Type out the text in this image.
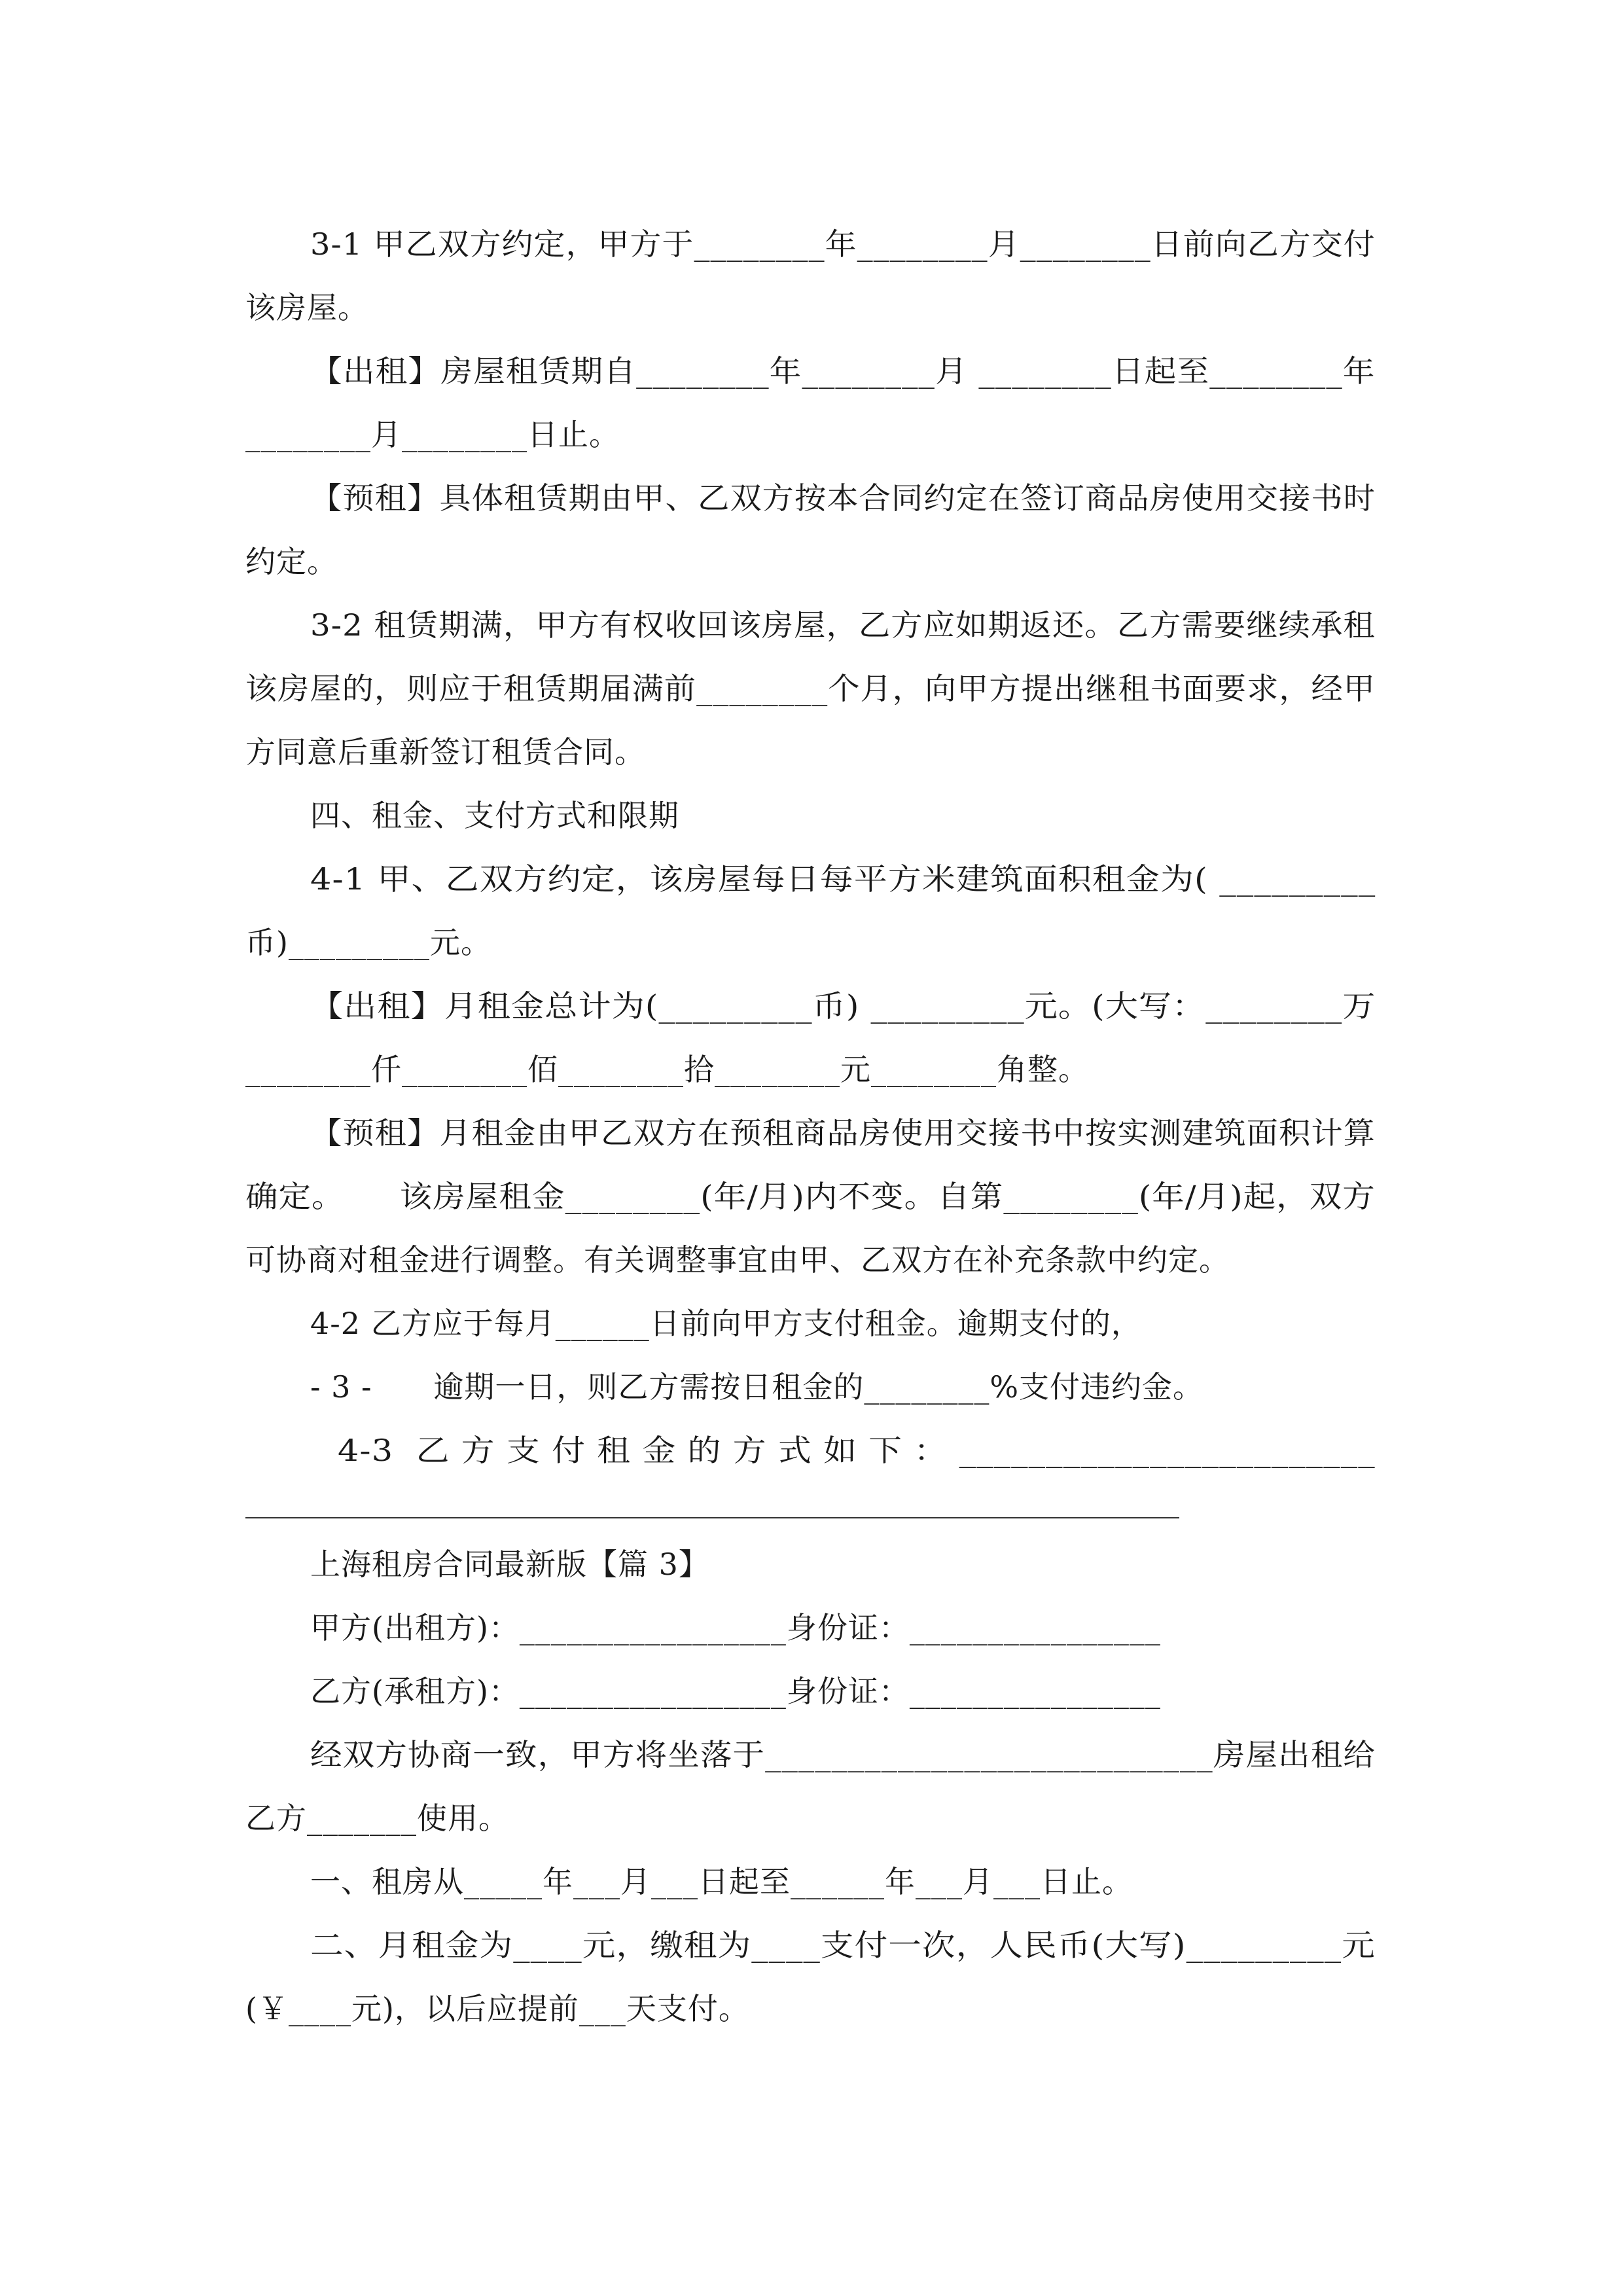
3-1 甲乙双方约定，甲方于________年________月________日前向乙方交付
该房屋。
【出租】房屋租赁期自________年________月 ________日起至________年
________月________日止。
【预租】具体租赁期由甲、乙双方按本合同约定在签订商品房使用交接书时
约定。
3-2 租赁期满，甲方有权收回该房屋，乙方应如期返还。乙方需要继续承租
该房屋的，则应于租赁期届满前________个月，向甲方提出继租书面要求，经甲
方同意后重新签订租赁合同。
四、租金、支付方式和限期
4-1 甲、乙双方约定，该房屋每日每平方米建筑面积租金为( _________
币)_________元。
【出租】月租金总计为(_________币) _________元。(大写：________万
________仟________佰________拾________元________角整。
【预租】月租金由甲乙双方在预租商品房使用交接书中按实测建筑面积计算
确定。     该房屋租金________(年/月)内不变。自第________(年/月)起，双方
可协商对租金进行调整。有关调整事宜由甲、乙双方在补充条款中约定。
4-2 乙方应于每月______日前向甲方支付租金。逾期支付的，
- 3 -      逾期一日，则乙方需按日租金的________%支付违约金。
4-3  乙 方 支 付 租 金 的 方 式 如 下 ： ________________________
上海租房合同最新版【篇 3】
甲方(出租方)：_________________身份证：________________
乙方(承租方)：_________________身份证：________________
经双方协商一致，甲方将坐落于___________________________房屋出租给
乙方_______使用。
一、租房从_____年___月___日起至______年___月___日止。
二、月租金为____元，缴租为____支付一次，人民币(大写)_________元
(￥____元)，以后应提前___天支付。
